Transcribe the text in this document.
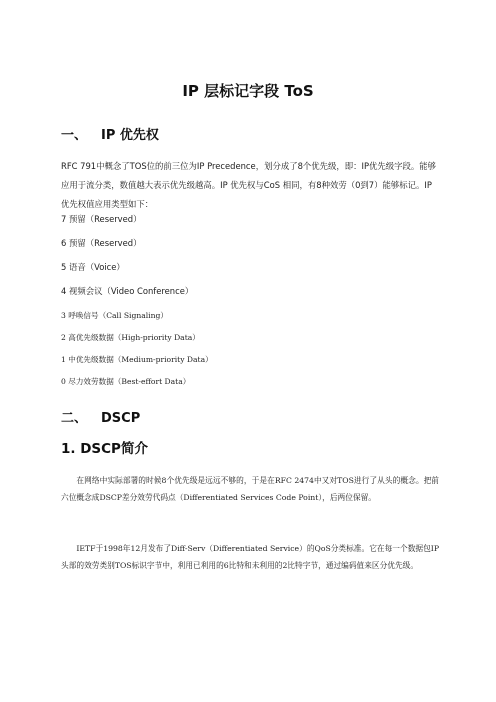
IP 层标记字段 ToS
一、 IP 优先权
RFC 791中概念了TOS位的前三位为IP Precedence，划分成了8个优先级，即：IP优先级字段。能够应用于流分类，数值越大表示优先级越高。IP 优先权与CoS 相同，有8种效劳（0到7）能够标记。IP优先权值应用类型如下：
7 预留（Reserved）
6 预留（Reserved）
5 语音（Voice）
4 视频会议（Video Conference）
3 呼唤信号（Call Signaling）
2 高优先级数据（High-priority Data）
1 中优先级数据（Medium-priority Data）
0 尽力效劳数据（Best-effort Data）
二、 DSCP
1. DSCP简介
在网络中实际部署的时候8个优先级是远远不够的，于是在RFC 2474中又对TOS进行了从头的概念。把前六位概念成DSCP差分效劳代码点（Differentiated Services Code Point），后两位保留。
IETF于1998年12月发布了Diff-Serv（Differentiated Service）的QoS分类标准。它在每一个数据包IP头部的效劳类别TOS标识字节中，利用已利用的6比特和未利用的2比特字节，通过编码值来区分优先级。
